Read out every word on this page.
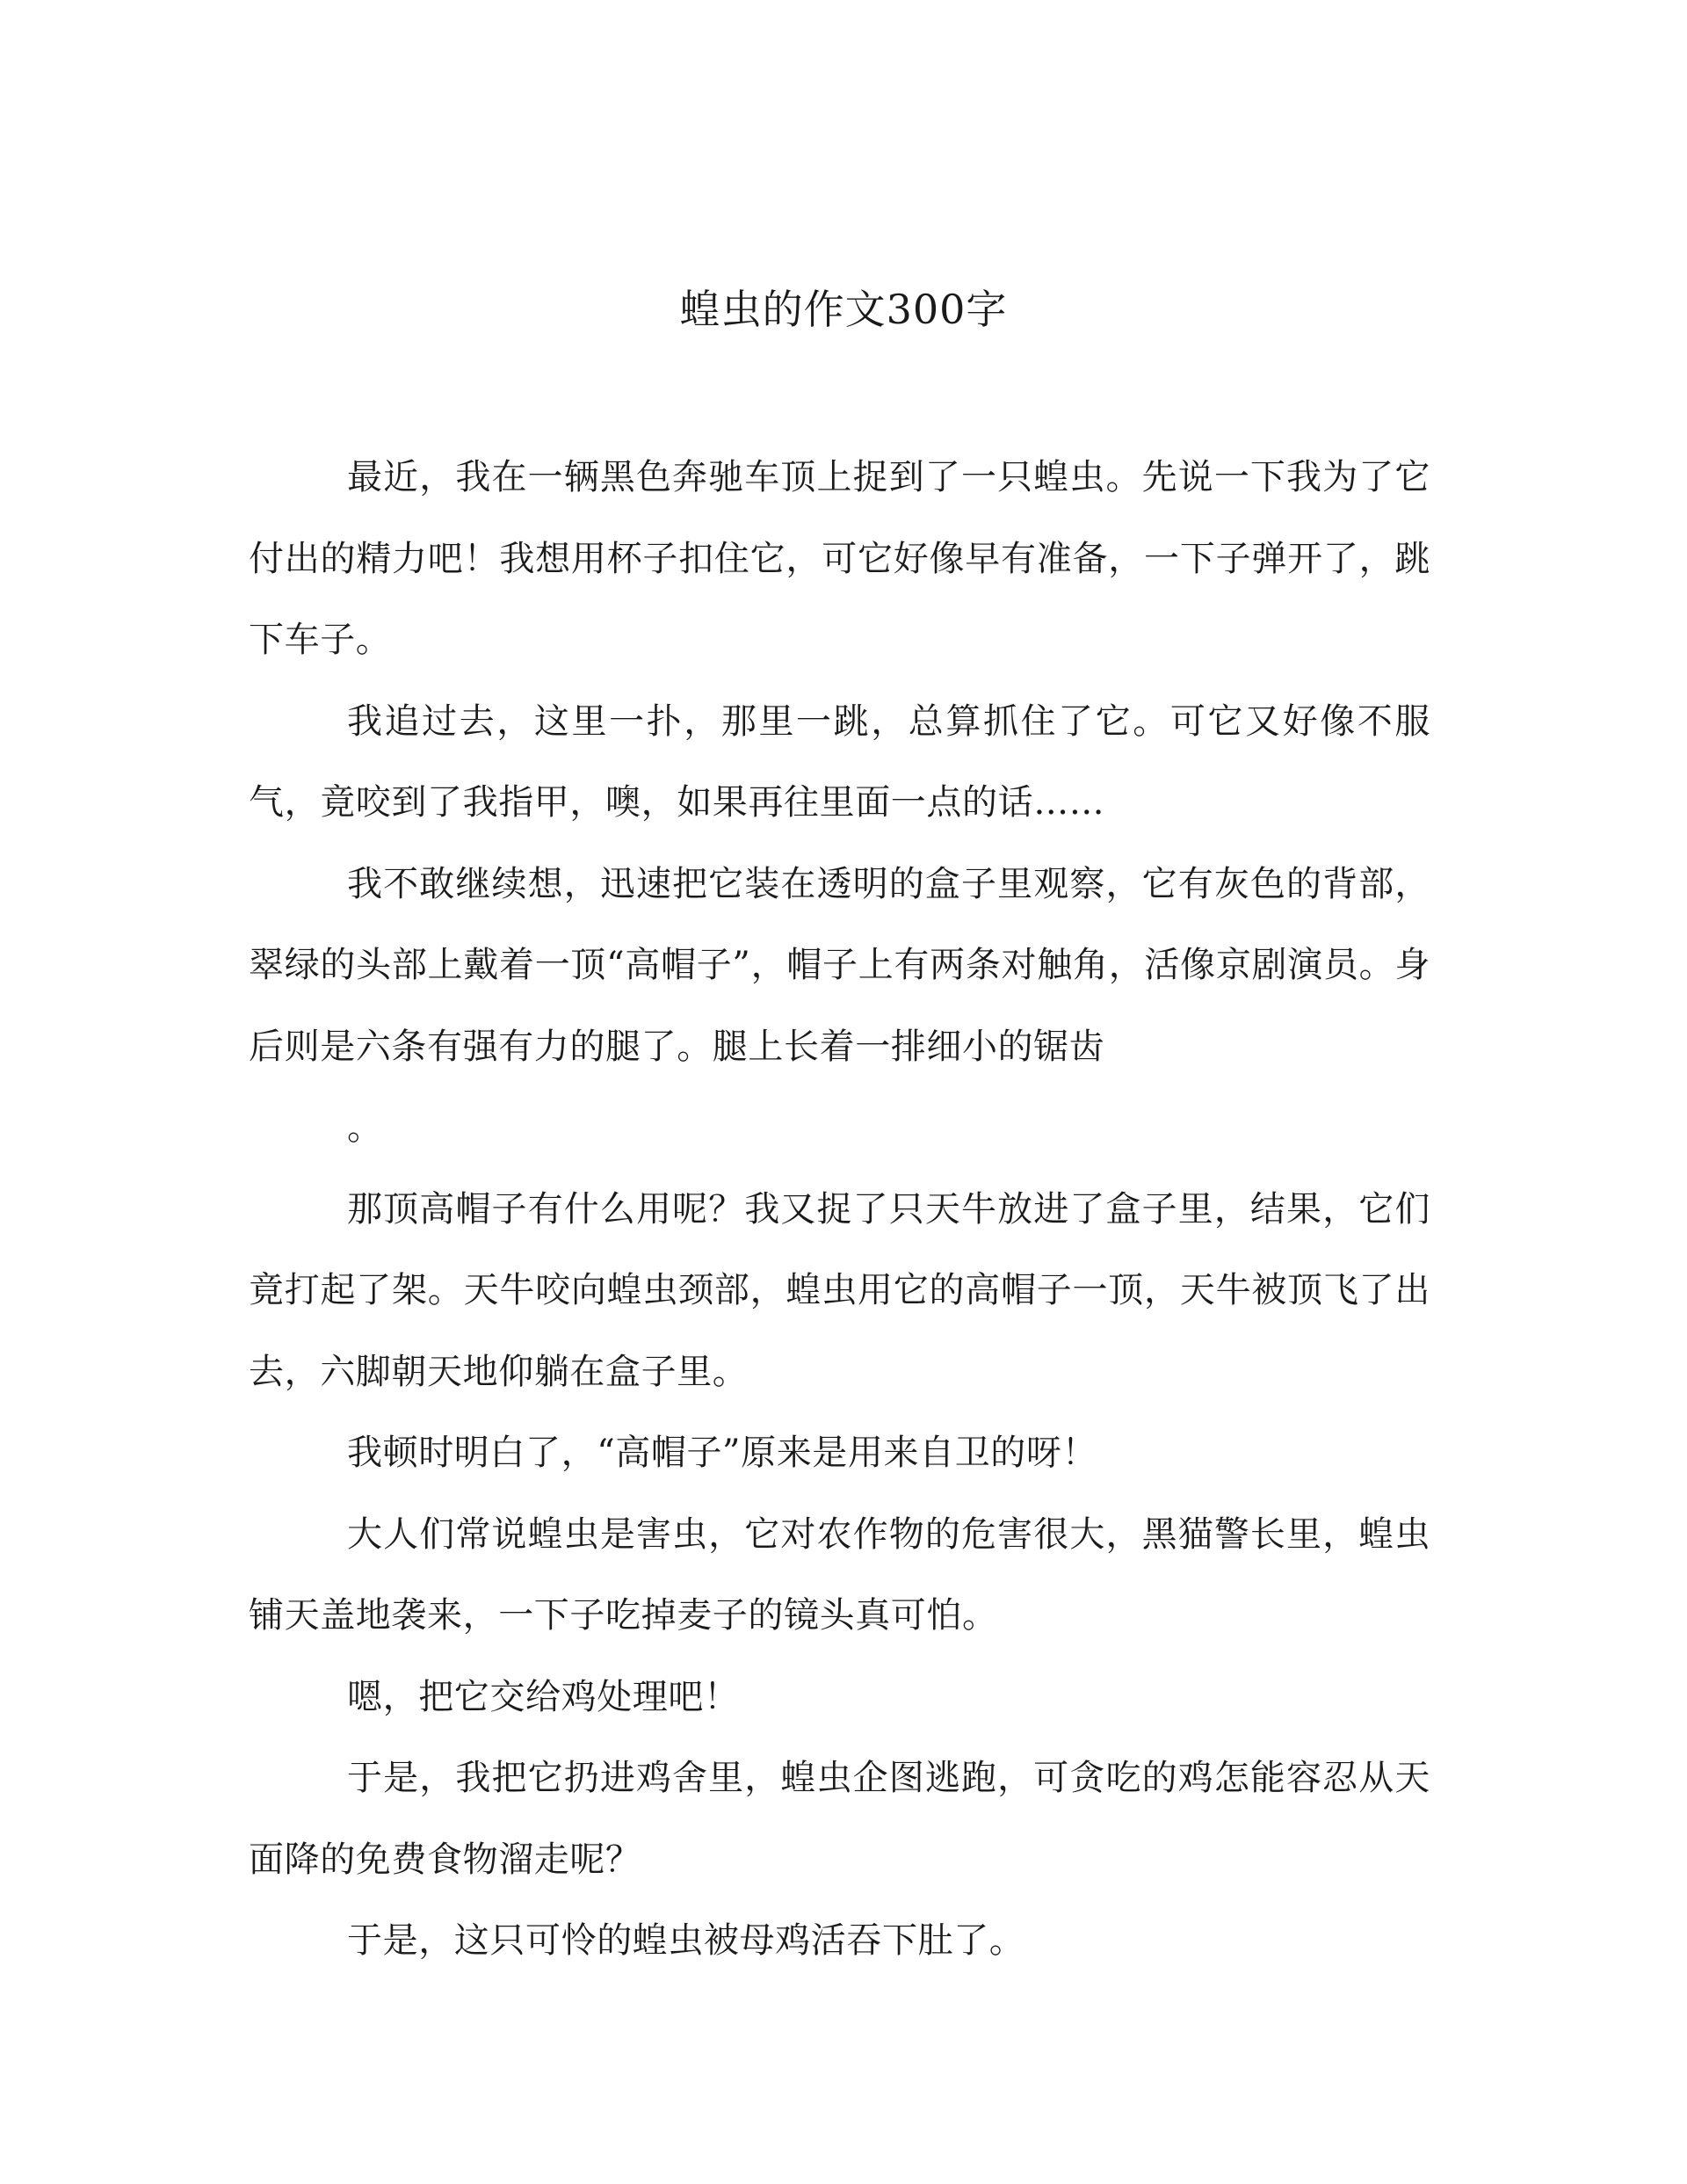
蝗虫的作文300字

最近，我在一辆黑色奔驰车顶上捉到了一只蝗虫。先说一下我为了它付出的精力吧！我想用杯子扣住它，可它好像早有准备，一下子弹开了，跳下车子。

我追过去，这里一扑，那里一跳，总算抓住了它。可它又好像不服气，竟咬到了我指甲，噢，如果再往里面一点的话……

我不敢继续想，迅速把它装在透明的盒子里观察，它有灰色的背部，翠绿的头部上戴着一顶“高帽子”，帽子上有两条对触角，活像京剧演员。身后则是六条有强有力的腿了。腿上长着一排细小的锯齿
。

那顶高帽子有什么用呢？我又捉了只天牛放进了盒子里，结果，它们竟打起了架。天牛咬向蝗虫颈部，蝗虫用它的高帽子一顶，天牛被顶飞了出去，六脚朝天地仰躺在盒子里。

我顿时明白了，“高帽子”原来是用来自卫的呀！

大人们常说蝗虫是害虫，它对农作物的危害很大，黑猫警长里，蝗虫铺天盖地袭来，一下子吃掉麦子的镜头真可怕。

嗯，把它交给鸡处理吧！

于是，我把它扔进鸡舍里，蝗虫企图逃跑，可贪吃的鸡怎能容忍从天面降的免费食物溜走呢？

于是，这只可怜的蝗虫被母鸡活吞下肚了。
